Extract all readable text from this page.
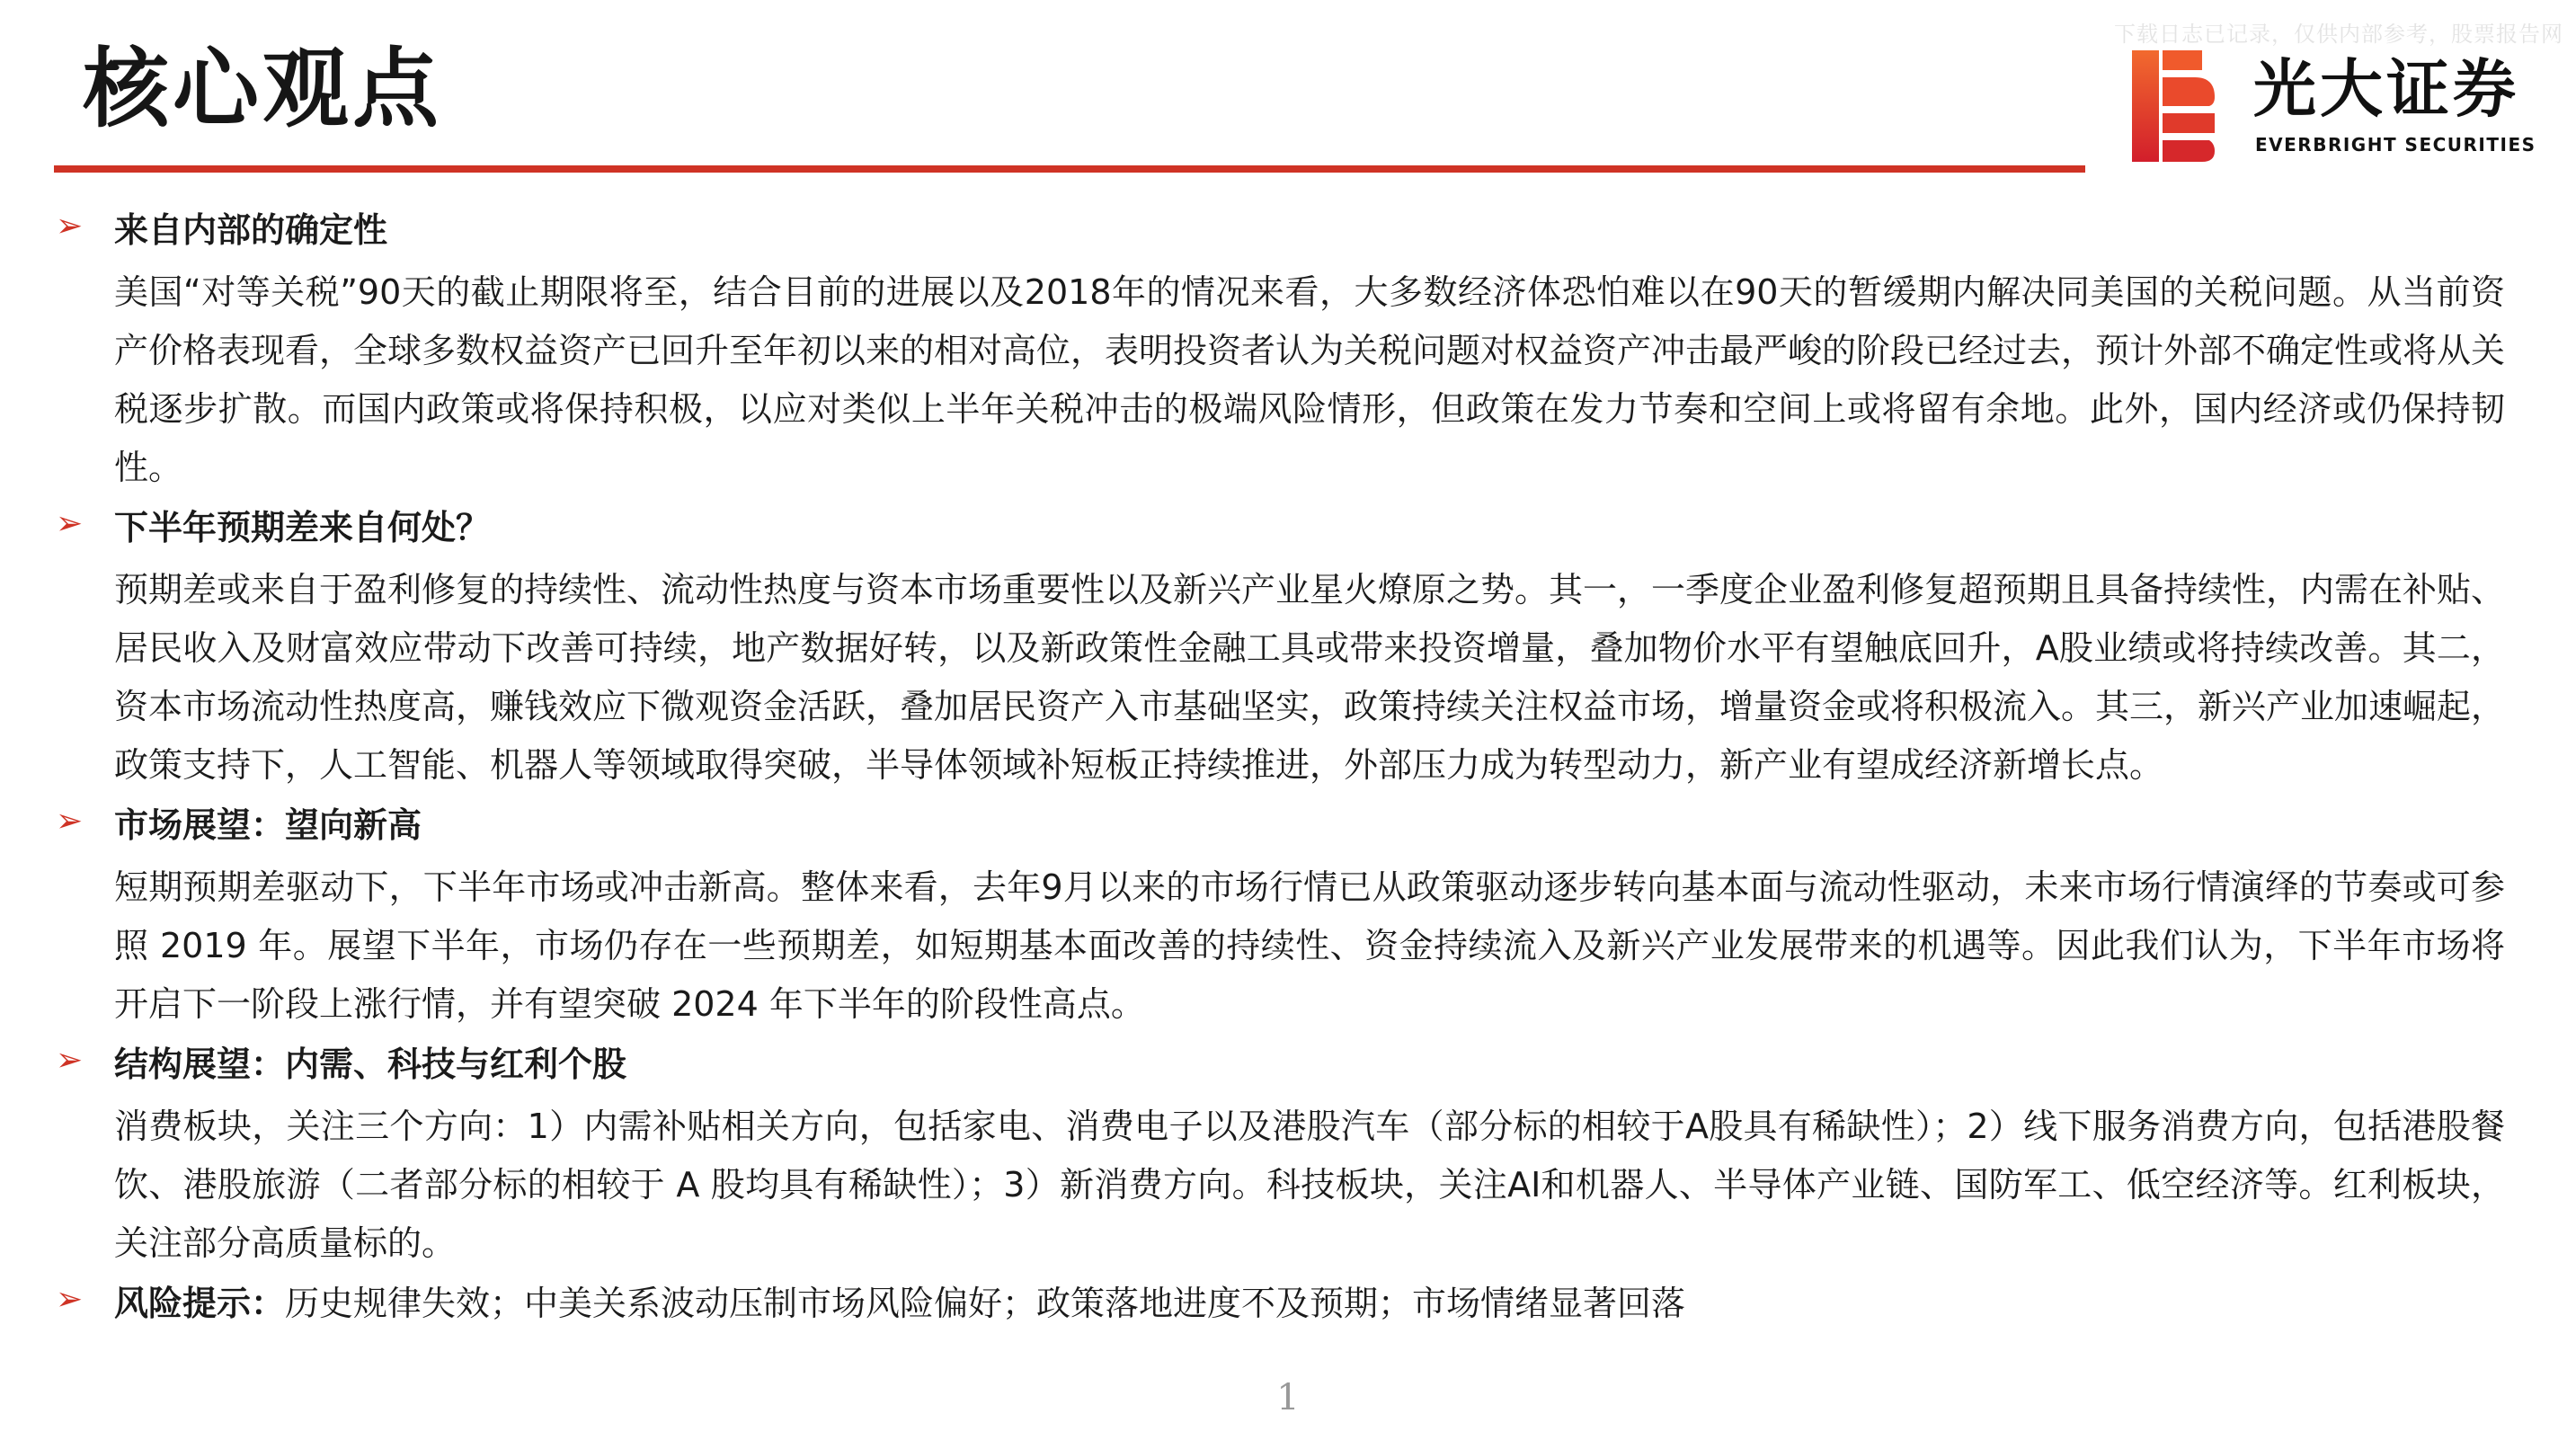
下载日志已记录，仅供内部参考，股票报告网
核心观点	光大证券
EVERBRIGHT SECURITIES
➢ 来自内部的确定性

美国“对等关税”90天的截止期限将至，结合目前的进展以及2018年的情况来看，大多数经济体恐怕难以在90天的暂缓期内解决同美国的关税问题。从当前资产价格表现看，全球多数权益资产已回升至年初以来的相对高位，表明投资者认为关税问题对权益资产冲击最严峻的阶段已经过去，预计外部不确定性或将从关税逐步扩散。而国内政策或将保持积极，以应对类似上半年关税冲击的极端风险情形，但政策在发力节奏和空间上或将留有余地。此外，国内经济或仍保持韧性。

➢ 下半年预期差来自何处？

预期差或来自于盈利修复的持续性、流动性热度与资本市场重要性以及新兴产业星火燎原之势。其一，一季度企业盈利修复超预期且具备持续性，内需在补贴、居民收入及财富效应带动下改善可持续，地产数据好转，以及新政策性金融工具或带来投资增量，叠加物价水平有望触底回升，A股业绩或将持续改善。其二，资本市场流动性热度高，赚钱效应下微观资金活跃，叠加居民资产入市基础坚实，政策持续关注权益市场，增量资金或将积极流入。其三，新兴产业加速崛起，政策支持下，人工智能、机器人等领域取得突破，半导体领域补短板正持续推进，外部压力成为转型动力，新产业有望成经济新增长点。

➢ 市场展望：望向新高

短期预期差驱动下，下半年市场或冲击新高。整体来看，去年9月以来的市场行情已从政策驱动逐步转向基本面与流动性驱动，未来市场行情演绎的节奏或可参照 2019 年。展望下半年，市场仍存在一些预期差，如短期基本面改善的持续性、资金持续流入及新兴产业发展带来的机遇等。因此我们认为，下半年市场将开启下一阶段上涨行情，并有望突破 2024 年下半年的阶段性高点。

➢ 结构展望：内需、科技与红利个股

消费板块，关注三个方向：1）内需补贴相关方向，包括家电、消费电子以及港股汽车（部分标的相较于A股具有稀缺性）；2）线下服务消费方向，包括港股餐饮、港股旅游（二者部分标的相较于 A 股均具有稀缺性）；3）新消费方向。科技板块，关注AI和机器人、半导体产业链、国防军工、低空经济等。红利板块，关注部分高质量标的。

➢ 风险提示：历史规律失效；中美关系波动压制市场风险偏好；政策落地进度不及预期；市场情绪显著回落
1
